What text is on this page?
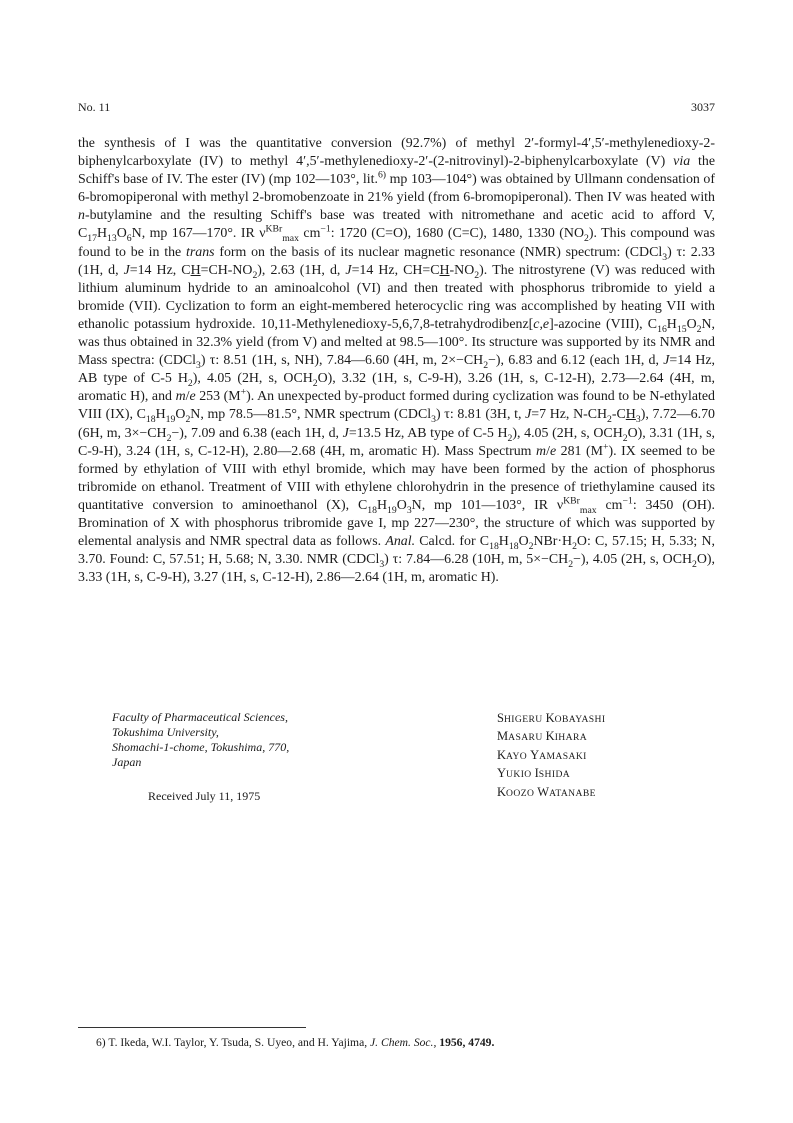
No. 11	3037

the synthesis of I was the quantitative conversion (92.7%) of methyl 2′-formyl-4′,5′-methylenedioxy-2-biphenylcarboxylate (IV) to methyl 4′,5′-methylenedioxy-2′-(2-nitrovinyl)-2-biphenylcarboxylate (V) via the Schiff's base of IV. The ester (IV) (mp 102—103°, lit.$^{6)}$ mp 103—104°) was obtained by Ullmann condensation of 6-bromopiperonal with methyl 2-bromobenzoate in 21% yield (from 6-bromopiperonal). Then IV was heated with n-butylamine and the resulting Schiff's base was treated with nitromethane and acetic acid to afford V, $C_{17}H_{13}O_6N$, mp 167—170°. IR $\nu^{KBr}_{max}$ $cm^{-1}$: 1720 (C=O), 1680 (C=C), 1480, 1330 $(NO_2)$. This compound was found to be in the trans form on the basis of its nuclear magnetic resonance (NMR) spectrum: (CDCl$_3$) τ: 2.33 (1H, d, J=14 Hz, $CH=CH-NO_2$), 2.63 (1H, d, J=14 Hz, $CH=CH-NO_2$). The nitrostyrene (V) was reduced with lithium aluminum hydride to an aminoalcohol (VI) and then treated with phosphorus tribromide to yield a bromide (VII). Cyclization to form an eight-membered heterocyclic ring was accomplished by heating VII with ethanolic potassium hydroxide. 10,11-Methylenedioxy-5,6,7,8-tetrahydrodibenz[c,e]-azocine (VIII), $C_{16}H_{15}O_2N$, was thus obtained in 32.3% yield (from V) and melted at 98.5—100°. Its structure was supported by its NMR and Mass spectra: (CDCl$_3$) τ: 8.51 (1H, s, NH), 7.84—6.60 (4H, m, $2\times-CH_2-$), 6.83 and 6.12 (each 1H, d, J=14 Hz, AB type of C-5 $H_2$), 4.05 (2H, s, $OCH_2O$), 3.32 (1H, s, C-9-H), 3.26 (1H, s, C-12-H), 2.73—2.64 (4H, m, aromatic H), and m/e 253 (M+). An unexpected by-product formed during cyclization was found to be N-ethylated VIII (IX), $C_{18}H_{19}O_2N$, mp 78.5—81.5°, NMR spectrum (CDCl$_3$) τ: 8.81 (3H, t, J=7 Hz, $N-CH_2-CH_3$), 7.72—6.70 (6H, m, $3\times-CH_2-$), 7.09 and 6.38 (each 1H, d, J=13.5 Hz, AB type of C-5 $H_2$), 4.05 (2H, s, $OCH_2O$), 3.31 (1H, s, C-9-H), 3.24 (1H, s, C-12-H), 2.80—2.68 (4H, m, aromatic H). Mass Spectrum m/e 281 (M+). IX seemed to be formed by ethylation of VIII with ethyl bromide, which may have been formed by the action of phosphorus tribromide on ethanol. Treatment of VIII with ethylene chlorohydrin in the presence of triethylamine caused its quantitative conversion to aminoethanol (X), $C_{18}H_{19}O_3N$, mp 101—103°, IR $\nu^{KBr}_{max}$ $cm^{-1}$: 3450 (OH). Bromination of X with phosphorus tribromide gave I, mp 227—230°, the structure of which was supported by elemental analysis and NMR spectral data as follows. Anal. Calcd. for $C_{18}H_{18}O_2NBr\cdot H_2O$: C, 57.15; H, 5.33; N, 3.70. Found: C, 57.51; H, 5.68; N, 3.30. NMR (CDCl$_3$) τ: 7.84—6.28 (10H, m, $5\times-CH_2-$), 4.05 (2H, s, $OCH_2O$), 3.33 (1H, s, C-9-H), 3.27 (1H, s, C-12-H), 2.86—2.64 (1H, m, aromatic H).

Faculty of Pharmaceutical Sciences,
Tokushima University,
Shomachi-1-chome, Tokushima, 770,
Japan
SHIGERU KOBAYASHI
MASARU KIHARA
KAYO YAMASAKI
YUKIO ISHIDA
KOOZO WATANABE
Received July 11, 1975
6) T. Ikeda, W.I. Taylor, Y. Tsuda, S. Uyeo, and H. Yajima, J. Chem. Soc., 1956, 4749.
